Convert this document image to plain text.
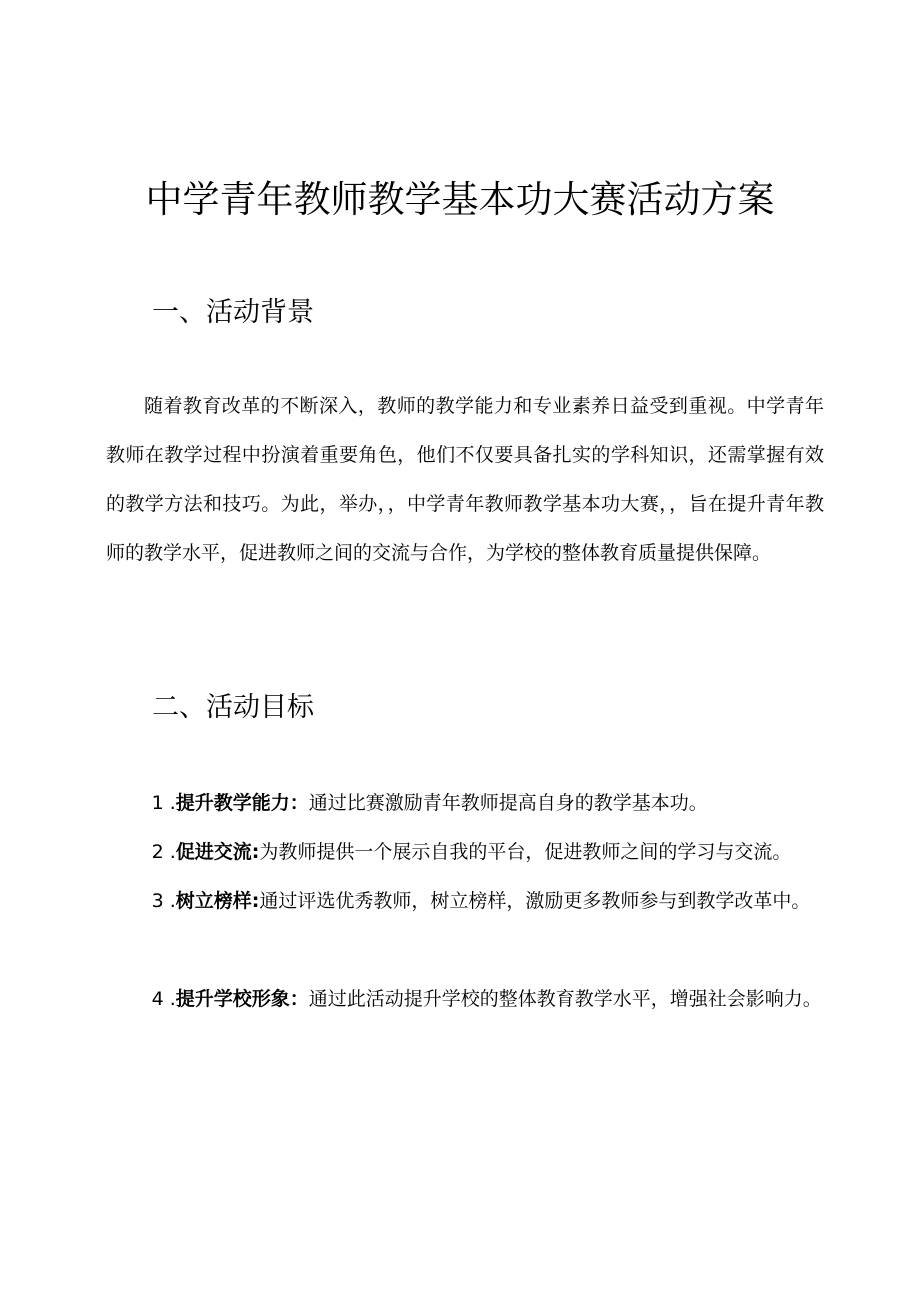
中学青年教师教学基本功大赛活动方案
一、活动背景

随着教育改革的不断深入，教师的教学能力和专业素养日益受到重视。中学青年教师在教学过程中扮演着重要角色，他们不仅要具备扎实的学科知识，还需掌握有效的教学方法和技巧。为此，举办，，中学青年教师教学基本功大赛，，旨在提升青年教师的教学水平，促进教师之间的交流与合作，为学校的整体教育质量提供保障。

二、活动目标

1 .提升教学能力：通过比赛激励青年教师提高自身的教学基本功。

2 .促进交流:为教师提供一个展示自我的平台，促进教师之间的学习与交流。

3 .树立榜样:通过评选优秀教师，树立榜样，激励更多教师参与到教学改革中。

4 .提升学校形象：通过此活动提升学校的整体教育教学水平，增强社会影响力。
